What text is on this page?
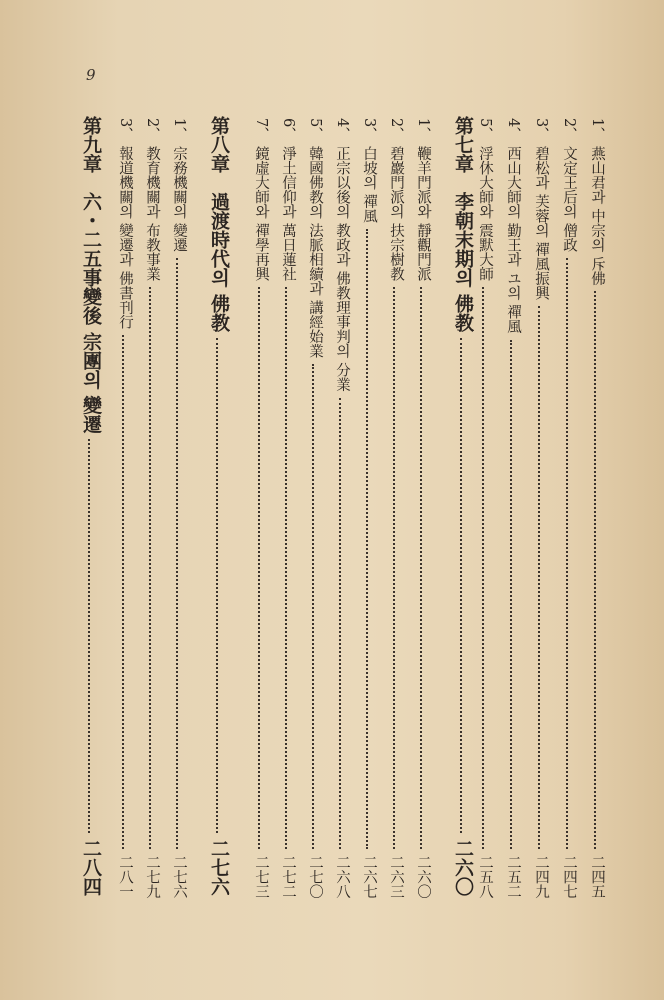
9
1、
燕山君과 中宗의 斥佛
二四五
2、
文定王后의 僧政
二四七
3、
碧松과 芙蓉의 禪風振興
二四九
4、
西山大師의 勤王과 ユ의 禪風
二五二
5、
浮休大師와 震默大師
二五八
第七章　李朝末期의 佛教
二六〇
1、
鞭羊門派와 靜觀門派
二六〇
2、
碧巖門派의 扶宗樹教
二六三
3、
白坡의 禪風
二六七
4、
正宗以後의 教政과 佛教理事判의 分業
二六八
5、
韓國佛教의 法脈相續과 講經始業
二七〇
6、
淨土信仰과 萬日蓮社
二七二
7、
鏡虛大師와 禪學再興
二七三
第八章　過渡時代의 佛教
二七六
1、
宗務機關의 變遷
二七六
2、
教育機關과 布教事業
二七九
3、
報道機關의 變遷과 佛書刊行
二八一
第九章　六・二五事變後 宗團의 變遷
二八四
